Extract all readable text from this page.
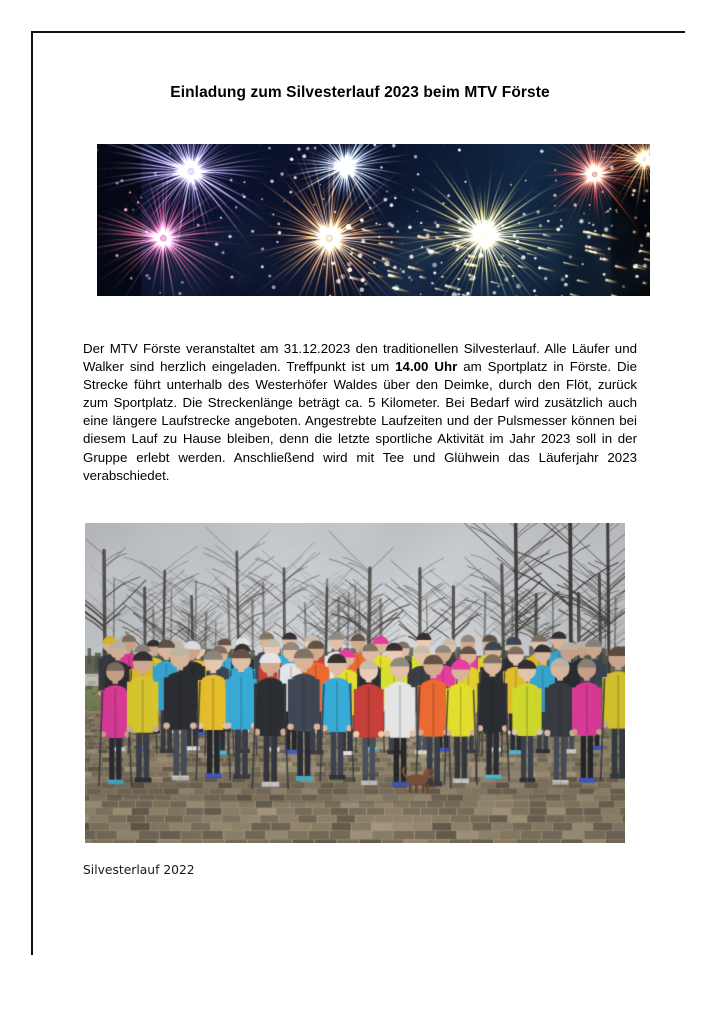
Einladung zum Silvesterlauf 2023 beim MTV Förste
Der MTV Förste veranstaltet am 31.12.2023 den traditionellen Silvesterlauf. Alle Läufer und Walker sind herzlich eingeladen. Treffpunkt ist um 14.00 Uhr am Sportplatz in Förste. Die Strecke führt unterhalb des Westerhöfer Waldes über den Deimke, durch den Flöt, zurück zum Sportplatz. Die Streckenlänge beträgt ca. 5 Kilometer. Bei Bedarf wird zusätzlich auch eine längere Laufstrecke angeboten. Angestrebte Laufzeiten und der Pulsmesser können bei diesem Lauf zu Hause bleiben, denn die letzte sportliche Aktivität im Jahr 2023 soll in der Gruppe erlebt werden. Anschließend wird mit Tee und Glühwein das Läuferjahr 2023 verabschiedet.
Silvesterlauf 2022
